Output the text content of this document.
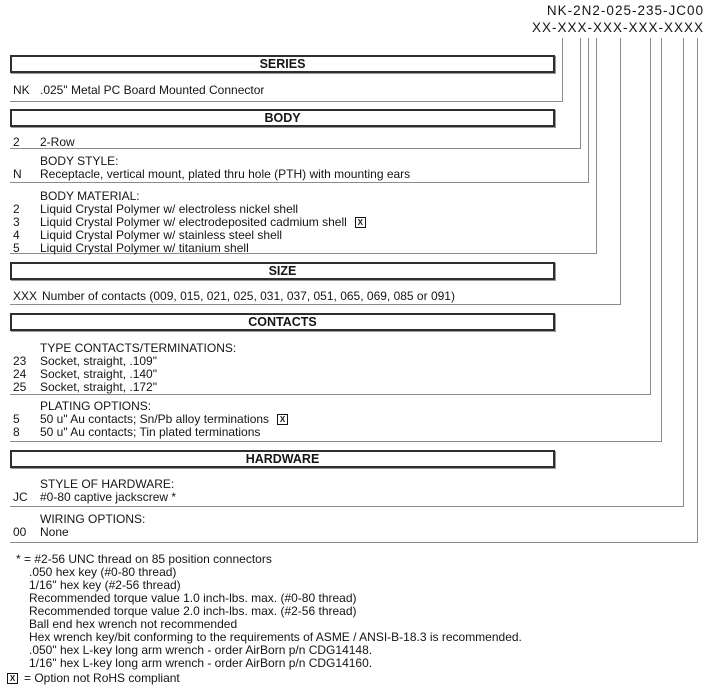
NK-2N2-025-235-JC00
XX-XXX-XXX-XXX-XXXX
SERIES
NK .025" Metal PC Board Mounted Connector
BODY
2 2-Row
BODY STYLE:
N Receptacle, vertical mount, plated thru hole (PTH) with mounting ears
BODY MATERIAL:
2 Liquid Crystal Polymer w/ electroless nickel shell
3 Liquid Crystal Polymer w/ electrodeposited cadmium shell X
4 Liquid Crystal Polymer w/ stainless steel shell
5 Liquid Crystal Polymer w/ titanium shell
SIZE
XXX Number of contacts (009, 015, 021, 025, 031, 037, 051, 065, 069, 085 or 091)
CONTACTS
TYPE CONTACTS/TERMINATIONS:
23 Socket, straight, .109"
24 Socket, straight, .140"
25 Socket, straight, .172"
PLATING OPTIONS:
5 50 u" Au contacts; Sn/Pb alloy terminations X
8 50 u" Au contacts; Tin plated terminations
HARDWARE
STYLE OF HARDWARE:
JC #0-80 captive jackscrew *
WIRING OPTIONS:
00 None
* = #2-56 UNC thread on 85 position connectors
.050 hex key (#0-80 thread)
1/16" hex key (#2-56 thread)
Recommended torque value 1.0 inch-lbs. max. (#0-80 thread)
Recommended torque value 2.0 inch-lbs. max. (#2-56 thread)
Ball end hex wrench not recommended
Hex wrench key/bit conforming to the requirements of ASME / ANSI-B-18.3 is recommended.
.050" hex L-key long arm wrench - order AirBorn p/n CDG14148.
1/16" hex L-key long arm wrench - order AirBorn p/n CDG14160.
X = Option not RoHS compliant
